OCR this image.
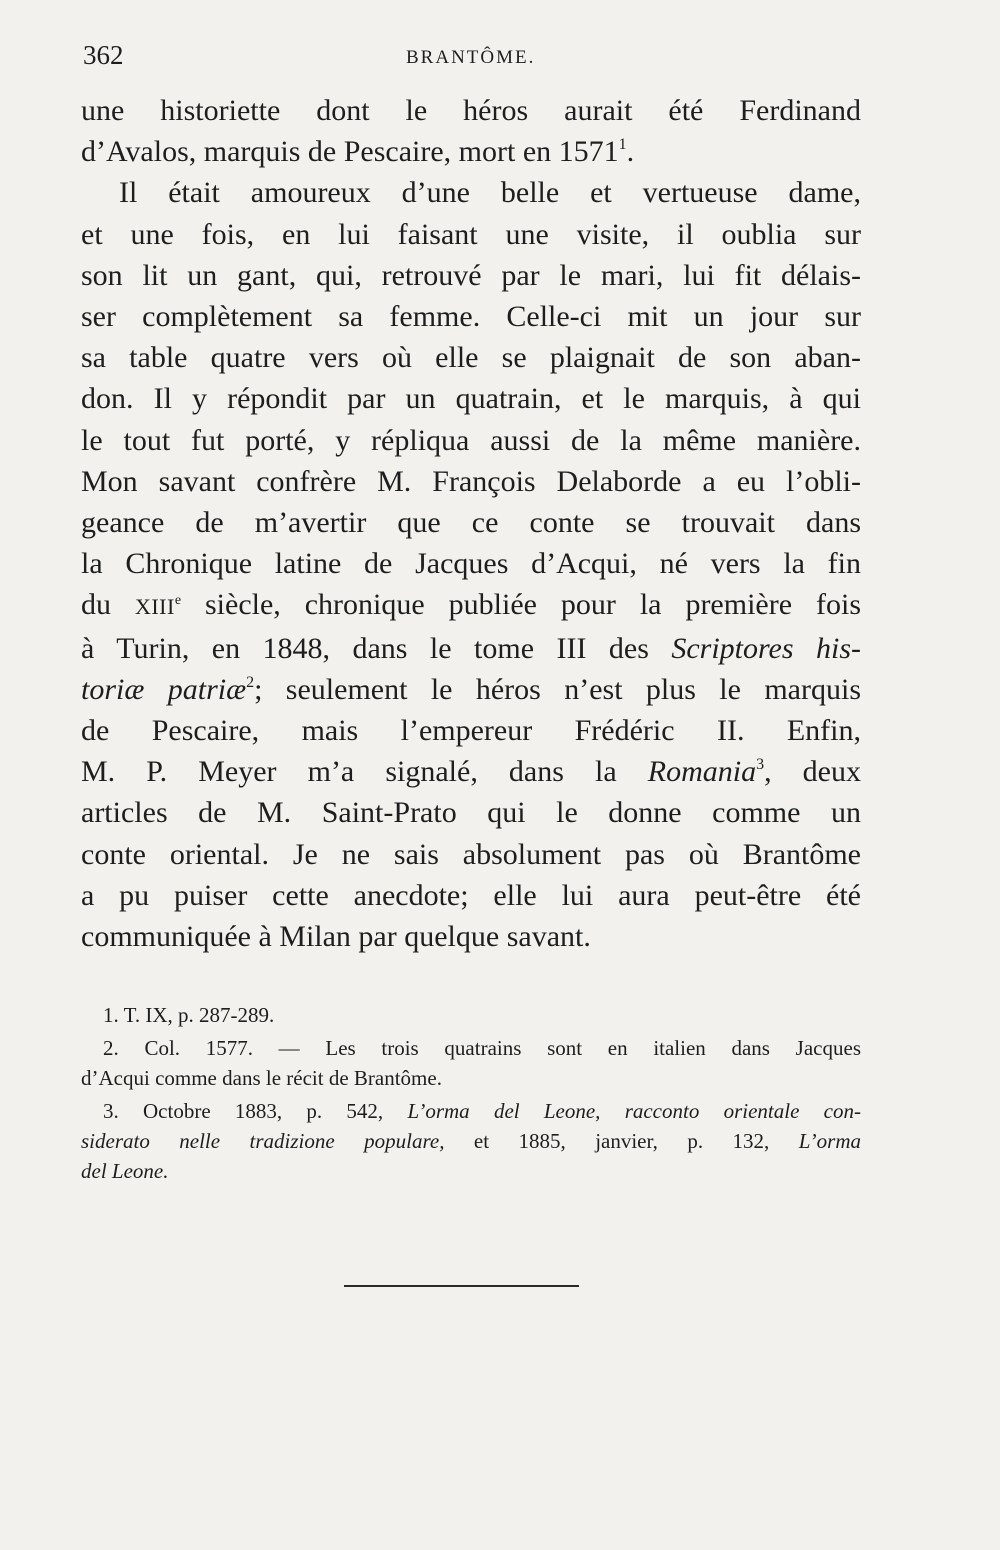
362	BRANTÔME.

une historiette dont le héros aurait été Ferdinand
d’Avalos, marquis de Pescaire, mort en 1571$^1$.

Il était amoureux d’une belle et vertueuse dame,
et une fois, en lui faisant une visite, il oublia sur
son lit un gant, qui, retrouvé par le mari, lui fit délais-
ser complètement sa femme. Celle-ci mit un jour sur
sa table quatre vers où elle se plaignait de son aban-
don. Il y répondit par un quatrain, et le marquis, à qui
le tout fut porté, y répliqua aussi de la même manière.
Mon savant confrère M. François Delaborde a eu l’obli-
geance de m’avertir que ce conte se trouvait dans
la Chronique latine de Jacques d’Acqui, né vers la fin
du XIIIe siècle, chronique publiée pour la première fois
à Turin, en 1848, dans le tome III des Scriptores his-
toriæ patriæ$^2$; seulement le héros n’est plus le marquis
de Pescaire, mais l’empereur Frédéric II. Enfin,
M. P. Meyer m’a signalé, dans la Romania$^3$, deux
articles de M. Saint-Prato qui le donne comme un
conte oriental. Je ne sais absolument pas où Brantôme
a pu puiser cette anecdote; elle lui aura peut-être été
communiquée à Milan par quelque savant.

1. T. IX, p. 287-289.
2. Col. 1577. — Les trois quatrains sont en italien dans Jacques
d’Acqui comme dans le récit de Brantôme.
3. Octobre 1883, p. 542, L’orma del Leone, racconto orientale con-
siderato nelle tradizione populare, et 1885, janvier, p. 132, L’orma
del Leone.
